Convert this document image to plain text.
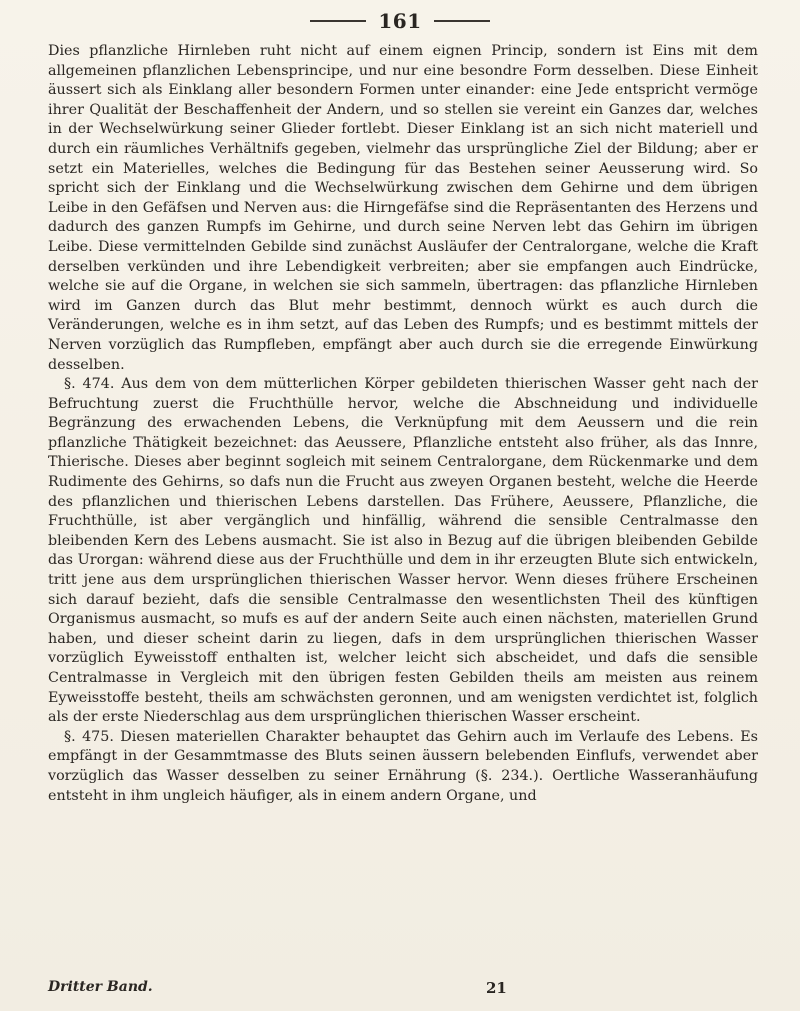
161

Dies pflanzliche Hirnleben ruht nicht auf einem eignen Princip, sondern ist Eins mit dem allgemeinen pflanzlichen Lebensprincipe, und nur eine besondre Form desselben. Diese Einheit äussert sich als Einklang aller besondern Formen unter einander: eine Jede entspricht vermöge ihrer Qualität der Beschaffenheit der Andern, und so stellen sie vereint ein Ganzes dar, welches in der Wechselwürkung seiner Glieder fortlebt. Dieser Einklang ist an sich nicht materiell und durch ein räumliches Verhältnifs gegeben, vielmehr das ursprüngliche Ziel der Bildung; aber er setzt ein Materielles, welches die Bedingung für das Bestehen seiner Aeusserung wird. So spricht sich der Einklang und die Wechselwürkung zwischen dem Gehirne und dem übrigen Leibe in den Gefäfsen und Nerven aus: die Hirngefäfse sind die Repräsentanten des Herzens und dadurch des ganzen Rumpfs im Gehirne, und durch seine Nerven lebt das Gehirn im übrigen Leibe. Diese vermittelnden Gebilde sind zunächst Ausläufer der Centralorgane, welche die Kraft derselben verkünden und ihre Lebendigkeit verbreiten; aber sie empfangen auch Eindrücke, welche sie auf die Organe, in welchen sie sich sammeln, übertragen: das pflanzliche Hirnleben wird im Ganzen durch das Blut mehr bestimmt, dennoch würkt es auch durch die Veränderungen, welche es in ihm setzt, auf das Leben des Rumpfs; und es bestimmt mittels der Nerven vorzüglich das Rumpfleben, empfängt aber auch durch sie die erregende Einwürkung desselben.

§. 474. Aus dem von dem mütterlichen Körper gebildeten thierischen Wasser geht nach der Befruchtung zuerst die Fruchthülle hervor, welche die Abschneidung und individuelle Begränzung des erwachenden Lebens, die Verknüpfung mit dem Aeussern und die rein pflanzliche Thätigkeit bezeichnet: das Aeussere, Pflanzliche entsteht also früher, als das Innre, Thierische. Dieses aber beginnt sogleich mit seinem Centralorgane, dem Rückenmarke und dem Rudimente des Gehirns, so dafs nun die Frucht aus zweyen Organen besteht, welche die Heerde des pflanzlichen und thierischen Lebens darstellen. Das Frühere, Aeussere, Pflanzliche, die Fruchthülle, ist aber vergänglich und hinfällig, während die sensible Centralmasse den bleibenden Kern des Lebens ausmacht. Sie ist also in Bezug auf die übrigen bleibenden Gebilde das Urorgan: während diese aus der Fruchthülle und dem in ihr erzeugten Blute sich entwickeln, tritt jene aus dem ursprünglichen thierischen Wasser hervor. Wenn dieses frühere Erscheinen sich darauf bezieht, dafs die sensible Centralmasse den wesentlichsten Theil des künftigen Organismus ausmacht, so mufs es auf der andern Seite auch einen nächsten, materiellen Grund haben, und dieser scheint darin zu liegen, dafs in dem ursprünglichen thierischen Wasser vorzüglich Eyweisstoff enthalten ist, welcher leicht sich abscheidet, und dafs die sensible Centralmasse in Vergleich mit den übrigen festen Gebilden theils am meisten aus reinem Eyweisstoffe besteht, theils am schwächsten geronnen, und am wenigsten verdichtet ist, folglich als der erste Niederschlag aus dem ursprünglichen thierischen Wasser erscheint.

§. 475. Diesen materiellen Charakter behauptet das Gehirn auch im Verlaufe des Lebens. Es empfängt in der Gesammtmasse des Bluts seinen äussern belebenden Einflufs, verwendet aber vorzüglich das Wasser desselben zu seiner Ernährung (§. 234.). Oertliche Wasseranhäufung entsteht in ihm ungleich häufiger, als in einem andern Organe, und

Dritter Band.	21
